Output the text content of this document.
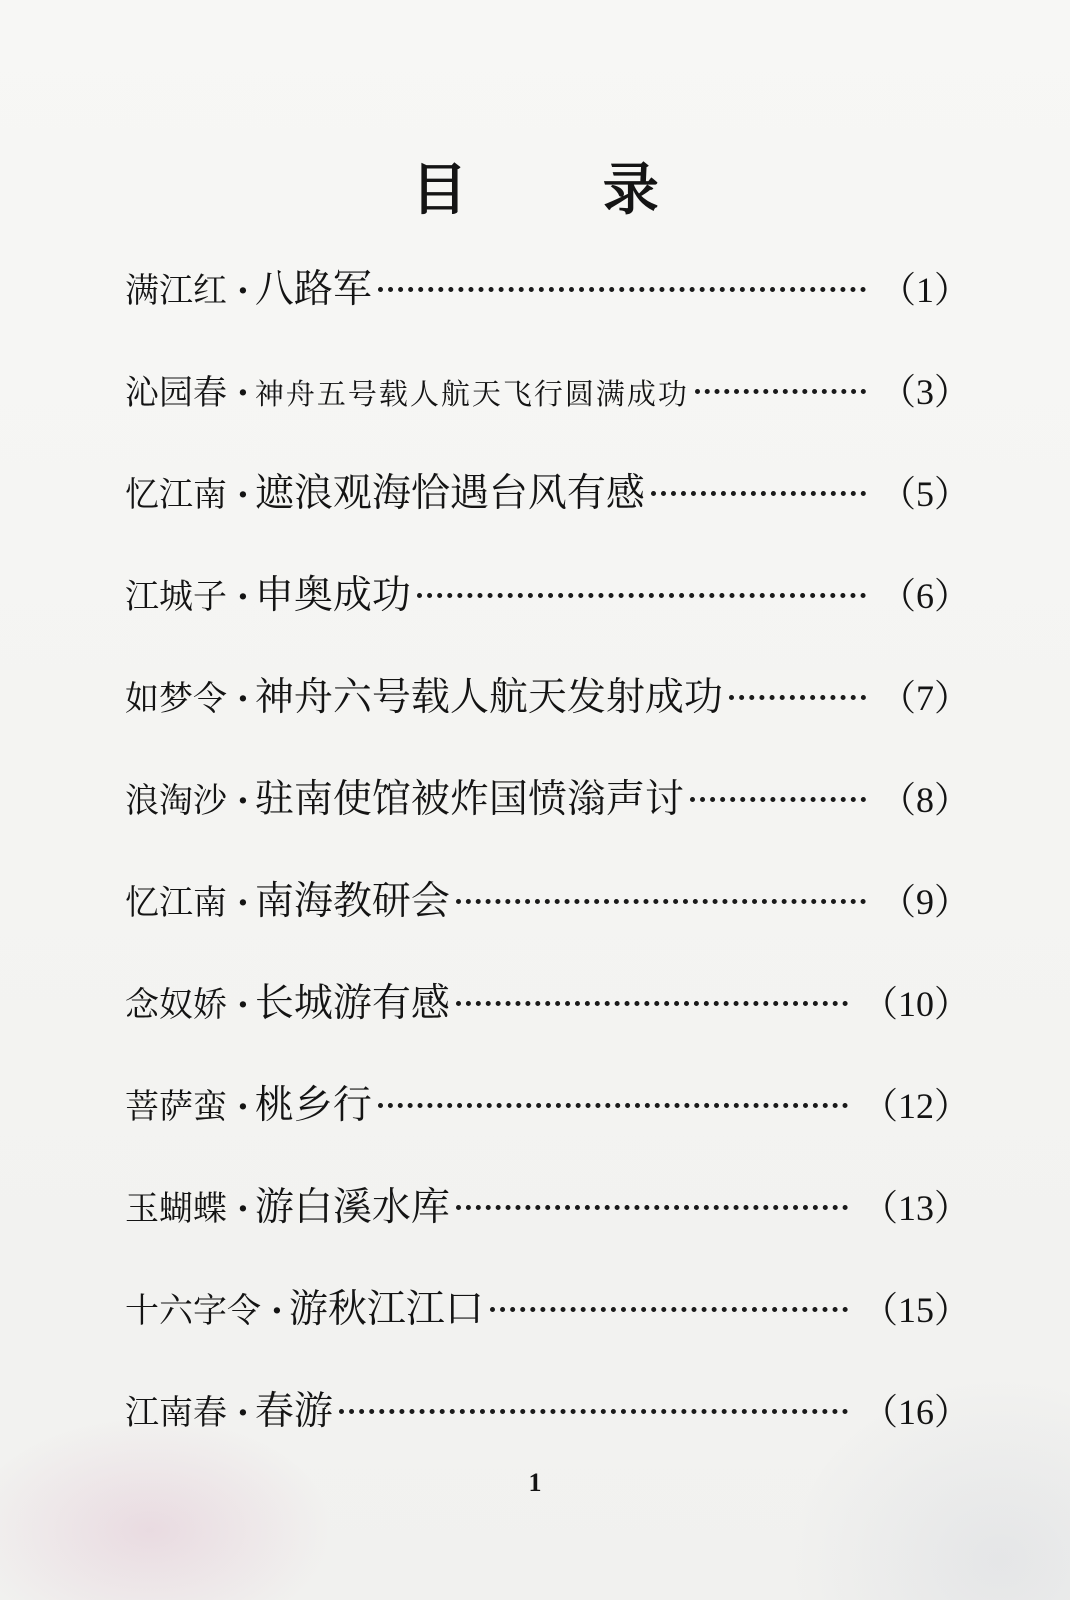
目 录
满江红 · 八路军	（1）
沁园春 · 神舟五号载人航天飞行圆满成功	（3）
忆江南 · 遮浪观海恰遇台风有感	（5）
江城子 · 申奥成功	（6）
如梦令 · 神舟六号载人航天发射成功	（7）
浪淘沙 · 驻南使馆被炸国愤滃声讨	（8）
忆江南 · 南海教研会	（9）
念奴娇 · 长城游有感	（10）
菩萨蛮 · 桃乡行	（12）
玉蝴蝶 · 游白溪水库	（13）
十六字令 · 游秋江江口	（15）
江南春 · 春游	（16）
1
